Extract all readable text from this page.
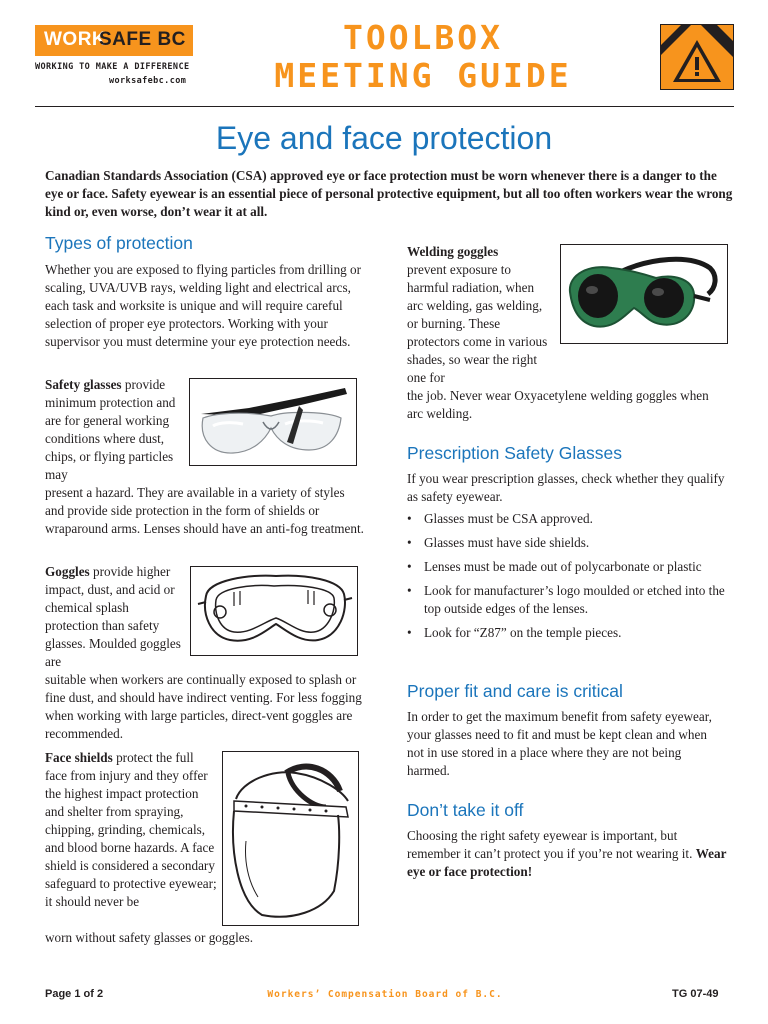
WORK
SAFE BC
WORKING TO MAKE A DIFFERENCE
worksafebc.com
TOOLBOX
MEETING GUIDE
Eye and face protection
Canadian Standards Association (CSA) approved eye or face protection must be worn whenever there is a danger to the eye or face. Safety eyewear is an essential piece of personal protective equipment, but all too often workers wear the wrong kind or, even worse, don’t wear it at all.
Types of protection
Whether you are exposed to flying particles from drilling or scaling, UVA/UVB rays, welding light and electrical arcs, each task and worksite is unique and will require careful selection of proper eye protectors. Working with your supervisor you must determine your eye protection needs.
Safety glasses provide minimum protection and are for general working conditions where dust, chips, or flying particles may
present a hazard. They are available in a variety of styles and provide side protection in the form of shields or wraparound arms. Lenses should have an anti-fog treatment.
Goggles provide higher impact, dust, and acid or chemical splash protection than safety glasses. Moulded goggles are
suitable when workers are continually exposed to splash or fine dust, and should have indirect venting. For less fogging when working with large particles, direct-vent goggles are recommended.
Face shields protect the full face from injury and they offer the highest impact protection and shelter from spraying, chipping, grinding, chemicals, and blood borne hazards. A face shield is considered a secondary safeguard to protective eyewear; it should never be
worn without safety glasses or goggles.
Welding goggles
prevent exposure to harmful radiation, when arc welding, gas welding, or burning. These protectors come in various shades, so wear the right one for
the job. Never wear Oxyacetylene welding goggles when arc welding.
Prescription Safety Glasses
If you wear prescription glasses, check whether they qualify as safety eyewear.
• Glasses must be CSA approved.
• Glasses must have side shields.
• Lenses must be made out of polycarbonate or plastic
• Look for manufacturer’s logo moulded or etched into the top outside edges of the lenses.
• Look for “Z87” on the temple pieces.
Proper fit and care is critical
In order to get the maximum benefit from safety eyewear, your glasses need to fit and must be kept clean and when not in use stored in a place where they are not being harmed.
Don’t take it off
Choosing the right safety eyewear is important, but remember it can’t protect you if you’re not wearing it. Wear eye or face protection!
Page 1 of 2	Workers’ Compensation Board of B.C.	TG 07-49
